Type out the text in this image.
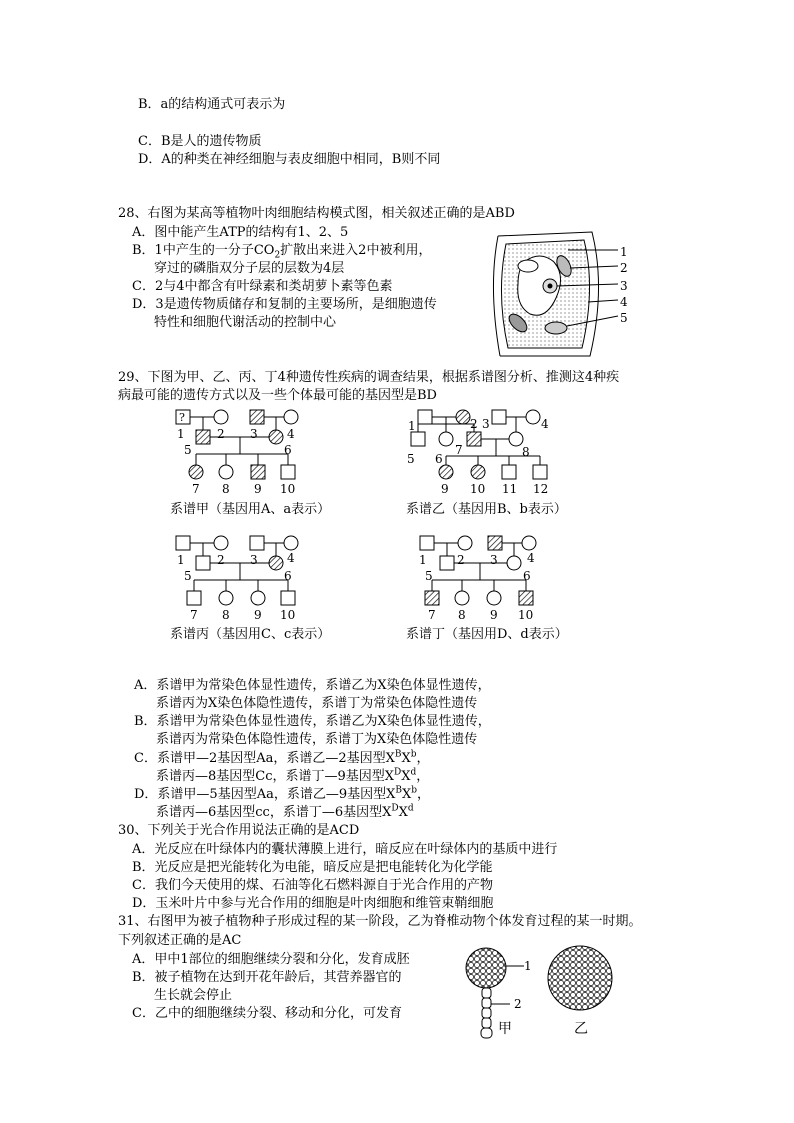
B．a的结构通式可表示为
C．B是人的遗传物质
D．A的种类在神经细胞与表皮细胞中相同，B则不同
28、右图为某高等植物叶肉细胞结构模式图，相关叙述正确的是ABD
A．图中能产生ATP的结构有1、2、5
B．1中产生的一分子$CO_2$扩散出来进入2中被利用，
穿过的磷脂双分子层的层数为4层
C．2与4中都含有叶绿素和类胡萝卜素等色素
D．3是遗传物质储存和复制的主要场所，是细胞遗传
特性和细胞代谢活动的控制中心
1
2
3
4
5
29、下图为甲、乙、丙、丁4种遗传性疾病的调查结果，根据系谱图分析、推测这4种疾
病最可能的遗传方式以及一些个体最可能的基因型是BD
?
1	2 3 4
5	6
7 8 9 10
系谱甲（基因用A、a表示）
1	2 3	4
5 6
7	8
9 10 11 12
系谱乙（基因用B、b表示）
1	2 3 4
5	6
7 8 9 10
系谱丙（基因用C、c表示）
1	2 3 4
5	6
7 8 9 10
系谱丁（基因用D、d表示）
A．系谱甲为常染色体显性遗传，系谱乙为X染色体显性遗传，
系谱丙为X染色体隐性遗传，系谱丁为常染色体隐性遗传
B．系谱甲为常染色体显性遗传，系谱乙为X染色体显性遗传，
系谱丙为常染色体隐性遗传，系谱丁为X染色体隐性遗传
C．系谱甲—2基因型Aa，系谱乙—2基因型$X^BX^b$，
系谱丙—8基因型Cc，系谱丁—9基因型$X^DX^d$，
D．系谱甲—5基因型Aa，系谱乙—9基因型$X^BX^b$，
系谱丙—6基因型cc，系谱丁—6基因型$X^DX^d$
30、下列关于光合作用说法正确的是ACD
A．光反应在叶绿体内的囊状薄膜上进行，暗反应在叶绿体内的基质中进行
B．光反应是把光能转化为电能，暗反应是把电能转化为化学能
C．我们今天使用的煤、石油等化石燃料源自于光合作用的产物
D．玉米叶片中参与光合作用的细胞是叶肉细胞和维管束鞘细胞
31、右图甲为被子植物种子形成过程的某一阶段，乙为脊椎动物个体发育过程的某一时期。
下列叙述正确的是AC
A．甲中1部位的细胞继续分裂和分化，发育成胚
B．被子植物在达到开花年龄后，其营养器官的
生长就会停止
C．乙中的细胞继续分裂、移动和分化，可发育
1
2
甲	乙
